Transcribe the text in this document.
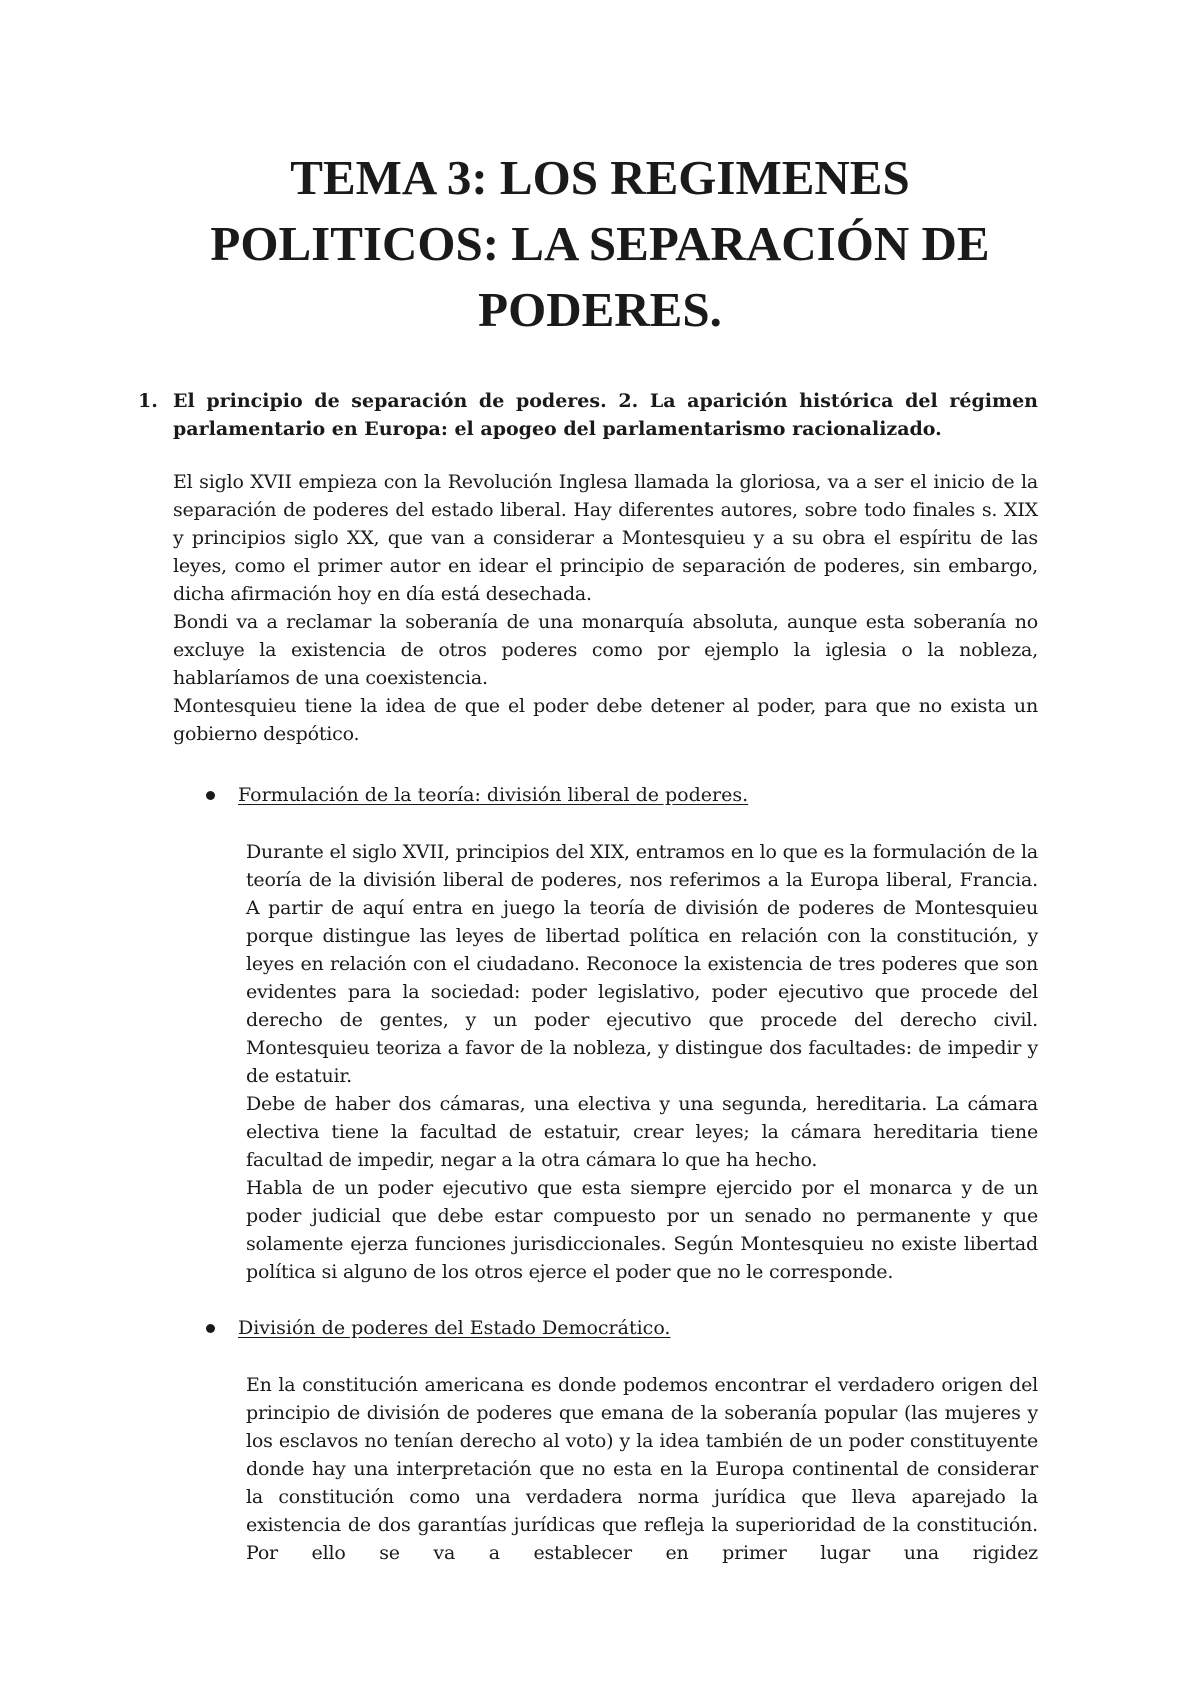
TEMA 3: LOS REGIMENES POLITICOS: LA SEPARACIÓN DE PODERES.
1. El principio de separación de poderes. 2. La aparición histórica del régimen parlamentario en Europa: el apogeo del parlamentarismo racionalizado.

El siglo XVII empieza con la Revolución Inglesa llamada la gloriosa, va a ser el inicio de la separación de poderes del estado liberal. Hay diferentes autores, sobre todo finales s. XIX y principios siglo XX, que van a considerar a Montesquieu y a su obra el espíritu de las leyes, como el primer autor en idear el principio de separación de poderes, sin embargo, dicha afirmación hoy en día está desechada.

Bondi va a reclamar la soberanía de una monarquía absoluta, aunque esta soberanía no excluye la existencia de otros poderes como por ejemplo la iglesia o la nobleza, hablaríamos de una coexistencia.

Montesquieu tiene la idea de que el poder debe detener al poder, para que no exista un gobierno despótico.

Formulación de la teoría: división liberal de poderes.

Durante el siglo XVII, principios del XIX, entramos en lo que es la formulación de la teoría de la división liberal de poderes, nos referimos a la Europa liberal, Francia. A partir de aquí entra en juego la teoría de división de poderes de Montesquieu porque distingue las leyes de libertad política en relación con la constitución, y leyes en relación con el ciudadano. Reconoce la existencia de tres poderes que son evidentes para la sociedad: poder legislativo, poder ejecutivo que procede del derecho de gentes, y un poder ejecutivo que procede del derecho civil. Montesquieu teoriza a favor de la nobleza, y distingue dos facultades: de impedir y de estatuir.

Debe de haber dos cámaras, una electiva y una segunda, hereditaria. La cámara electiva tiene la facultad de estatuir, crear leyes; la cámara hereditaria tiene facultad de impedir, negar a la otra cámara lo que ha hecho.

Habla de un poder ejecutivo que esta siempre ejercido por el monarca y de un poder judicial que debe estar compuesto por un senado no permanente y que solamente ejerza funciones jurisdiccionales. Según Montesquieu no existe libertad política si alguno de los otros ejerce el poder que no le corresponde.

División de poderes del Estado Democrático.

En la constitución americana es donde podemos encontrar el verdadero origen del principio de división de poderes que emana de la soberanía popular (las mujeres y los esclavos no tenían derecho al voto) y la idea también de un poder constituyente donde hay una interpretación que no esta en la Europa continental de considerar la constitución como una verdadera norma jurídica que lleva aparejado la existencia de dos garantías jurídicas que refleja la superioridad de la constitución. Por ello se va a establecer en primer lugar una rigidez
